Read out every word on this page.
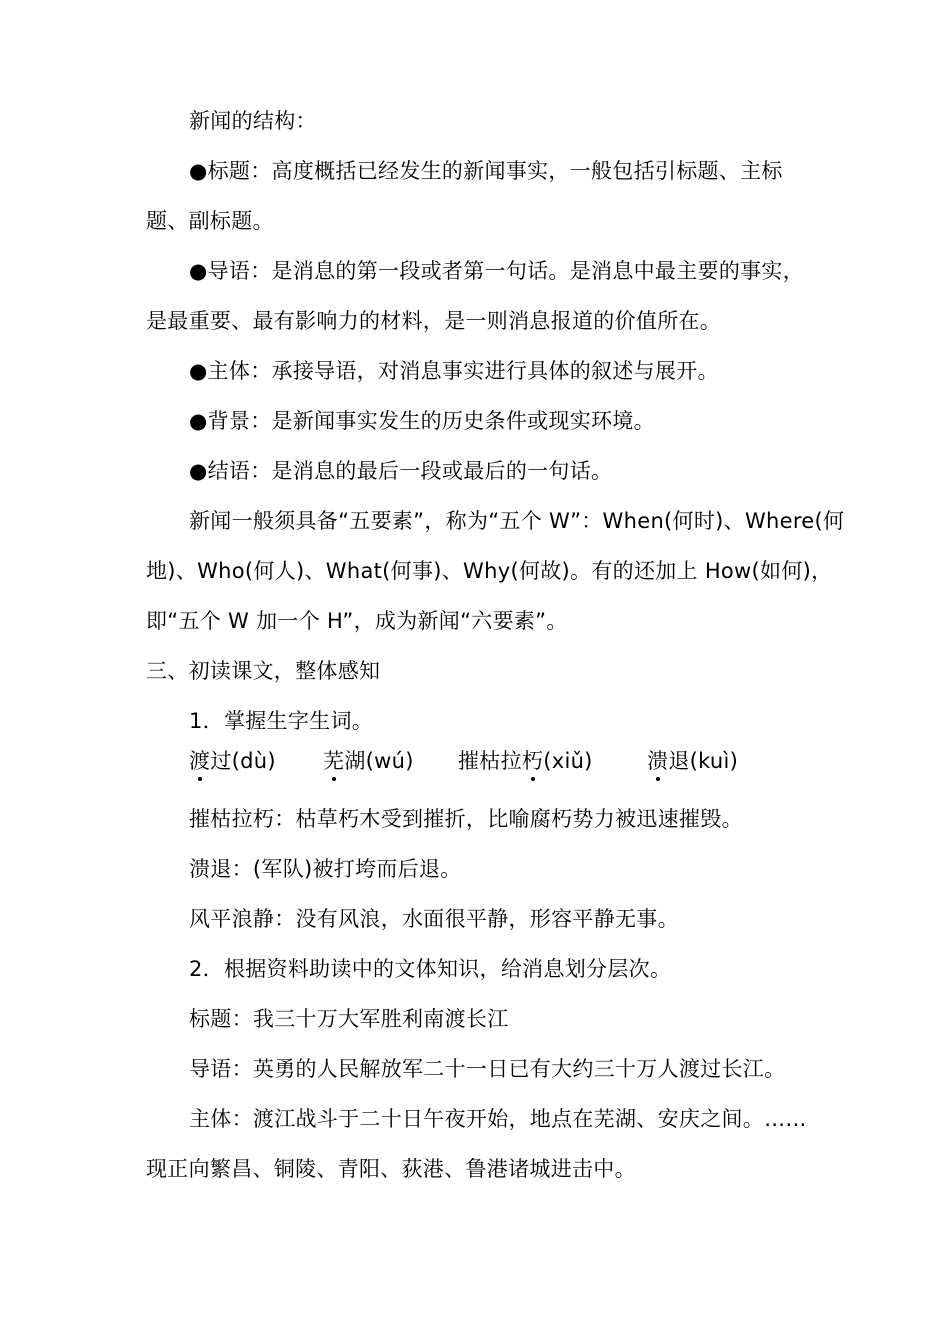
新闻的结构：
●标题：高度概括已经发生的新闻事实，一般包括引标题、主标
题、副标题。
●导语：是消息的第一段或者第一句话。是消息中最主要的事实，
是最重要、最有影响力的材料，是一则消息报道的价值所在。
●主体：承接导语，对消息事实进行具体的叙述与展开。
●背景：是新闻事实发生的历史条件或现实环境。
●结语：是消息的最后一段或最后的一句话。
新闻一般须具备“五要素”，称为“五个 W”：When(何时)、Where(何
地)、Who(何人)、What(何事)、Why(何故)。有的还加上 How(如何)，
即“五个 W 加一个 H”，成为新闻“六要素”。
三、初读课文，整体感知
1．掌握生字生词。
渡过(dù) 芜湖(wú) 摧枯拉朽(xiǔ)	溃退(kuì)
摧枯拉朽：枯草朽木受到摧折，比喻腐朽势力被迅速摧毁。
溃退：(军队)被打垮而后退。
风平浪静：没有风浪，水面很平静，形容平静无事。
2．根据资料助读中的文体知识，给消息划分层次。
标题：我三十万大军胜利南渡长江
导语：英勇的人民解放军二十一日已有大约三十万人渡过长江。
主体：渡江战斗于二十日午夜开始，地点在芜湖、安庆之间。……
现正向繁昌、铜陵、青阳、荻港、鲁港诸城进击中。
